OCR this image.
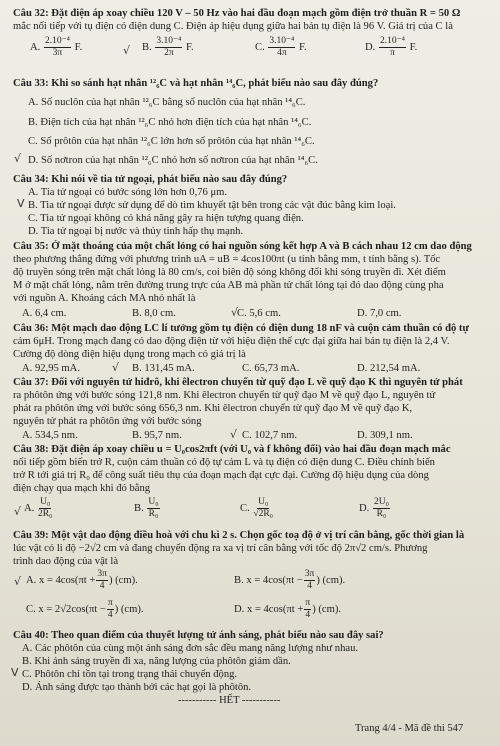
Câu 32: Đặt điện áp xoay chiều 120 V – 50 Hz vào hai đầu đoạn mạch gồm điện trở thuần R = 50 Ω
mắc nối tiếp với tụ điện có điện dung C. Điện áp hiệu dụng giữa hai bản tụ điện là 96 V. Giá trị của C là
A. $\frac{\text{2.10⁻⁴}}{3\pi} F$.	B. $\frac{\text{3.10⁻⁴}}{2\pi} F$.	C. $\frac{\text{3.10⁻⁴}}{4\pi} F$.	D. $\frac{\text{2.10⁻⁴}}{\pi} F$.
√
Câu 33: Khi so sánh hạt nhân ¹²₆C và hạt nhân ¹⁴₆C, phát biểu nào sau đây đúng?
A. Số nuclôn của hạt nhân ¹²₆C bằng số nuclôn của hạt nhân ¹⁴₆C.
B. Điện tích của hạt nhân ¹²₆C nhỏ hơn điện tích của hạt nhân ¹⁴₆C.
C. Số prôtôn của hạt nhân ¹²₆C lớn hơn số prôtôn của hạt nhân ¹⁴₆C.
D. Số nơtron của hạt nhân ¹²₆C nhỏ hơn số nơtron của hạt nhân ¹⁴₆C.
√
Câu 34: Khi nói về tia tử ngoại, phát biểu nào sau đây đúng?
A. Tia tử ngoại có bước sóng lớn hơn 0,76 μm.
B. Tia tử ngoại được sử dụng để dò tìm khuyết tật bên trong các vật đúc bằng kim loại.
C. Tia tử ngoại không có khả năng gây ra hiện tượng quang điện.
D. Tia tử ngoại bị nước và thủy tinh hấp thụ mạnh.
V
Câu 35: Ở mặt thoáng của một chất lỏng có hai nguồn sóng kết hợp A và B cách nhau 12 cm dao động
theo phương thẳng đứng với phương trình uA = uB = 4cos100πt (u tính bằng mm, t tính bằng s). Tốc
độ truyền sóng trên mặt chất lỏng là 80 cm/s, coi biên độ sóng không đổi khi sóng truyền đi. Xét điểm
M ở mặt chất lỏng, nằm trên đường trung trực của AB mà phần tử chất lỏng tại đó dao động cùng pha
với nguồn A. Khoảng cách MA nhỏ nhất là
A. 6,4 cm.	B. 8,0 cm.	C. 5,6 cm.	D. 7,0 cm.
√
Câu 36: Một mạch dao động LC lí tưởng gồm tụ điện có điện dung 18 nF và cuộn cảm thuần có độ tự
cảm 6μH. Trong mạch đang có dao động điện từ với hiệu điện thế cực đại giữa hai bản tụ điện là 2,4 V.
Cường độ dòng điện hiệu dụng trong mạch có giá trị là
A. 92,95 mA.	B. 131,45 mA.	C. 65,73 mA.	D. 212,54 mA.
√
Câu 37: Đối với nguyên tử hiđrô, khi êlectron chuyển từ quỹ đạo L về quỹ đạo K thì nguyên tử phát
ra phôtôn ứng với bước sóng 121,8 nm. Khi êlectron chuyển từ quỹ đạo M về quỹ đạo L, nguyên tử
phát ra phôtôn ứng với bước sóng 656,3 nm. Khi êlectron chuyển từ quỹ đạo M về quỹ đạo K,
nguyên tử phát ra phôtôn ứng với bước sóng
A. 534,5 nm.	B. 95,7 nm.	C. 102,7 nm.	D. 309,1 nm.
√
Câu 38: Đặt điện áp xoay chiều u = U₀cos2πft (với U₀ và f không đổi) vào hai đầu đoạn mạch mắc
nối tiếp gồm biến trở R, cuộn cảm thuần có độ tự cảm L và tụ điện có điện dung C. Điều chỉnh biến
trở R tới giá trị R₀ để công suất tiêu thụ của đoạn mạch đạt cực đại. Cường độ hiệu dụng của dòng
điện chạy qua mạch khi đó bằng
A. $\frac{\text{U₀}}{\text{2R₀}}$	B. $\frac{\text{U₀}}{\text{R₀}}$	C. $\frac{\text{U₀}}{\text{√2R₀}}$	D. $\frac{\text{2U₀}}{\text{R₀}}$
√
Câu 39: Một vật dao động điều hoà với chu kì 2 s. Chọn gốc toạ độ ở vị trí cân bằng, gốc thời gian là
lúc vật có li độ −2√2 cm và đang chuyển động ra xa vị trí cân bằng với tốc độ 2π√2 cm/s. Phương
trình dao động của vật là
A. $x = 4\cos(\pi t + \frac{3\pi}{4}$ ) (cm).	B. $x = 4\cos(\pi t - \frac{3\pi}{4}$ ) (cm).
C. $x = 2√2\cos(\pi t - \frac{\pi}{4}$ ) (cm).	D. $x = 4\cos(\pi t + \frac{\pi}{4}$ ) (cm).
√
Câu 40: Theo quan điểm của thuyết lượng tử ánh sáng, phát biểu nào sau đây sai?
A. Các phôtôn của cùng một ánh sáng đơn sắc đều mang năng lượng như nhau.
B. Khi ánh sáng truyền đi xa, năng lượng của phôtôn giảm dần.
C. Phôtôn chỉ tồn tại trong trạng thái chuyển động.
D. Ánh sáng được tạo thành bởi các hạt gọi là phôtôn.
V
----------- HẾT -----------
Trang 4/4 - Mã đề thi 547
